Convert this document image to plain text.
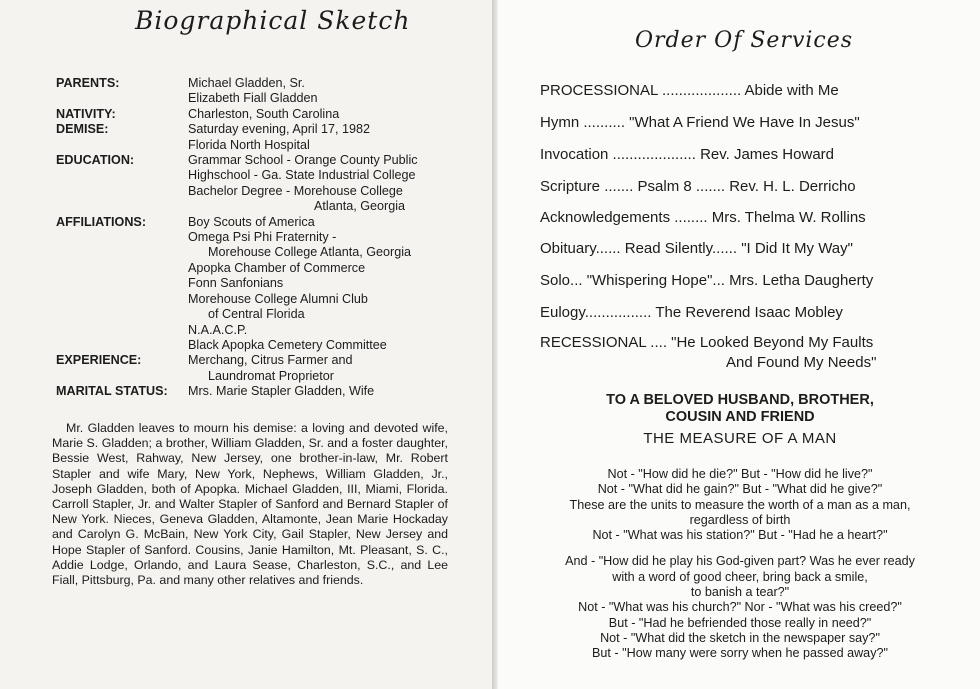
Biographical Sketch
PARENTS:	Michael Gladden, Sr.
Elizabeth Fiall Gladden
NATIVITY:	Charleston, South Carolina
DEMISE:	Saturday evening, April 17, 1982
Florida North Hospital
EDUCATION:	Grammar School - Orange County Public
Highschool - Ga. State Industrial College
Bachelor Degree - Morehouse College
Atlanta, Georgia
AFFILIATIONS:	Boy Scouts of America
Omega Psi Phi Fraternity -
Morehouse College Atlanta, Georgia
Apopka Chamber of Commerce
Fonn Sanfonians
Morehouse College Alumni Club
of Central Florida
N.A.A.C.P.
Black Apopka Cemetery Committee
EXPERIENCE:	Merchang, Citrus Farmer and
Laundromat Proprietor
MARITAL STATUS:	Mrs. Marie Stapler Gladden, Wife
Mr. Gladden leaves to mourn his demise: a loving and devoted wife, Marie S. Gladden; a brother, William Gladden, Sr. and a foster daughter, Bessie West, Rahway, New Jersey, one brother-in-law, Mr. Robert Stapler and wife Mary, New York, Nephews, William Gladden, Jr., Joseph Gladden, both of Apopka. Michael Gladden, III, Miami, Florida. Carroll Stapler, Jr. and Walter Stapler of Sanford and Bernard Stapler of New York. Nieces, Geneva Gladden, Altamonte, Jean Marie Hockaday and Carolyn G. McBain, New York City, Gail Stapler, New Jersey and Hope Stapler of Sanford. Cousins, Janie Hamilton, Mt. Pleasant, S. C., Addie Lodge, Orlando, and Laura Sease, Charleston, S.C., and Lee Fiall, Pittsburg, Pa. and many other relatives and friends.
Order Of Services
PROCESSIONAL ................... Abide with Me
Hymn .......... "What A Friend We Have In Jesus"
Invocation .................... Rev. James Howard
Scripture ....... Psalm 8 ....... Rev. H. L. Derricho
Acknowledgements ........ Mrs. Thelma W. Rollins
Obituary...... Read Silently...... "I Did It My Way"
Solo... "Whispering Hope"... Mrs. Letha Daugherty
Eulogy................ The Reverend Isaac Mobley
RECESSIONAL .... "He Looked Beyond My Faults
And Found My Needs"
TO A BELOVED HUSBAND, BROTHER,
COUSIN AND FRIEND
THE MEASURE OF A MAN
Not - "How did he die?" But - "How did he live?"
Not - "What did he gain?" But - "What did he give?"
These are the units to measure the worth of a man as a man,
regardless of birth
Not - "What was his station?" But - "Had he a heart?"
And - "How did he play his God-given part? Was he ever ready
with a word of good cheer, bring back a smile,
to banish a tear?"
Not - "What was his church?" Nor - "What was his creed?"
But - "Had he befriended those really in need?"
Not - "What did the sketch in the newspaper say?"
But - "How many were sorry when he passed away?"
